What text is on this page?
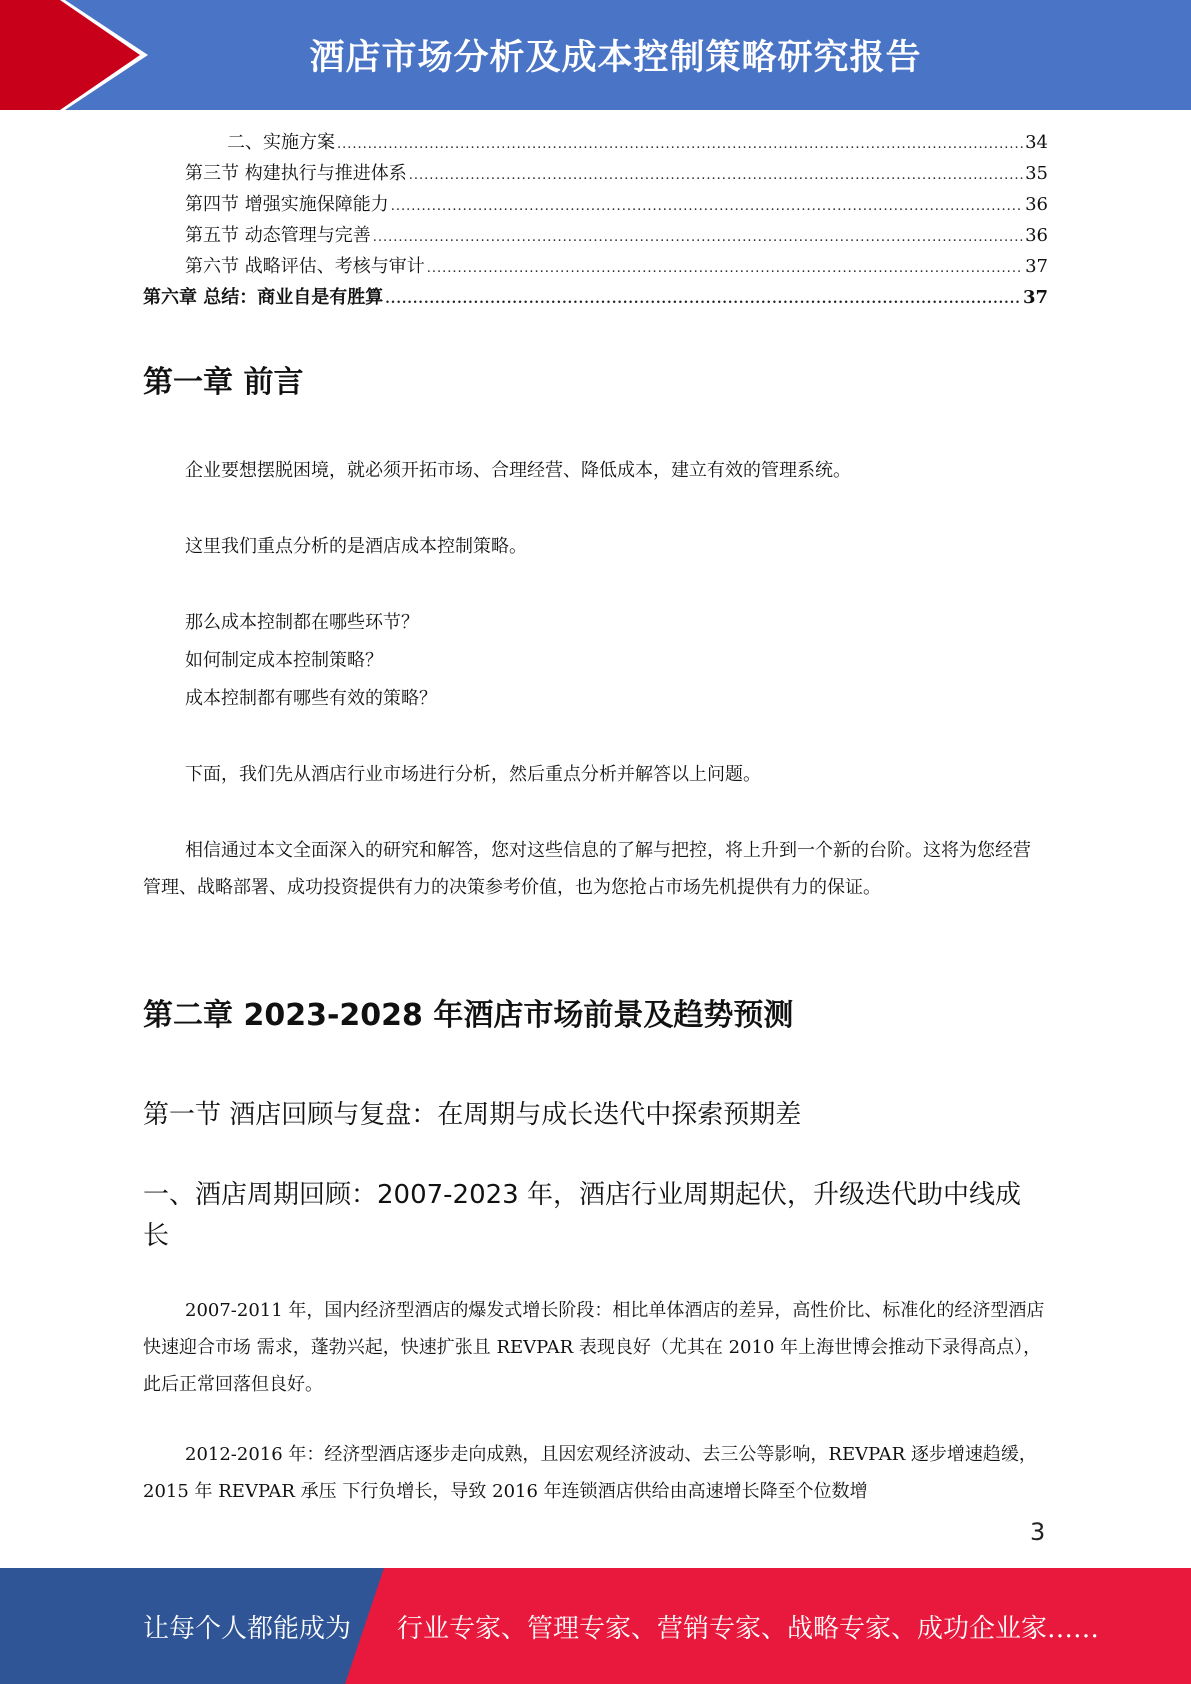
酒店市场分析及成本控制策略研究报告
二、实施方案 .....	34
第三节 构建执行与推进体系 .....	35
第四节 增强实施保障能力 .....	36
第五节 动态管理与完善 .....	36
第六节 战略评估、考核与审计 .....	37
第六章 总结：商业自是有胜算 .....	37
第一章 前言
企业要想摆脱困境，就必须开拓市场、合理经营、降低成本，建立有效的管理系统。
这里我们重点分析的是酒店成本控制策略。
那么成本控制都在哪些环节？
如何制定成本控制策略？
成本控制都有哪些有效的策略？
下面，我们先从酒店行业市场进行分析，然后重点分析并解答以上问题。
相信通过本文全面深入的研究和解答，您对这些信息的了解与把控，将上升到一个新的台阶。这将为您经营管理、战略部署、成功投资提供有力的决策参考价值，也为您抢占市场先机提供有力的保证。
第二章 2023-2028 年酒店市场前景及趋势预测
第一节 酒店回顾与复盘：在周期与成长迭代中探索预期差
一、酒店周期回顾：2007-2023 年，酒店行业周期起伏，升级迭代助中线成长
2007-2011 年，国内经济型酒店的爆发式增长阶段：相比单体酒店的差异，高性价比、标准化的经济型酒店快速迎合市场 需求，蓬勃兴起，快速扩张且 REVPAR 表现良好（尤其在 2010 年上海世博会推动下录得高点），此后正常回落但良好。
2012-2016 年：经济型酒店逐步走向成熟，且因宏观经济波动、去三公等影响，REVPAR 逐步增速趋缓，2015 年 REVPAR 承压 下行负增长，导致 2016 年连锁酒店供给由高速增长降至个位数增
3
让每个人都能成为 行业专家、管理专家、营销专家、战略专家、成功企业家……
